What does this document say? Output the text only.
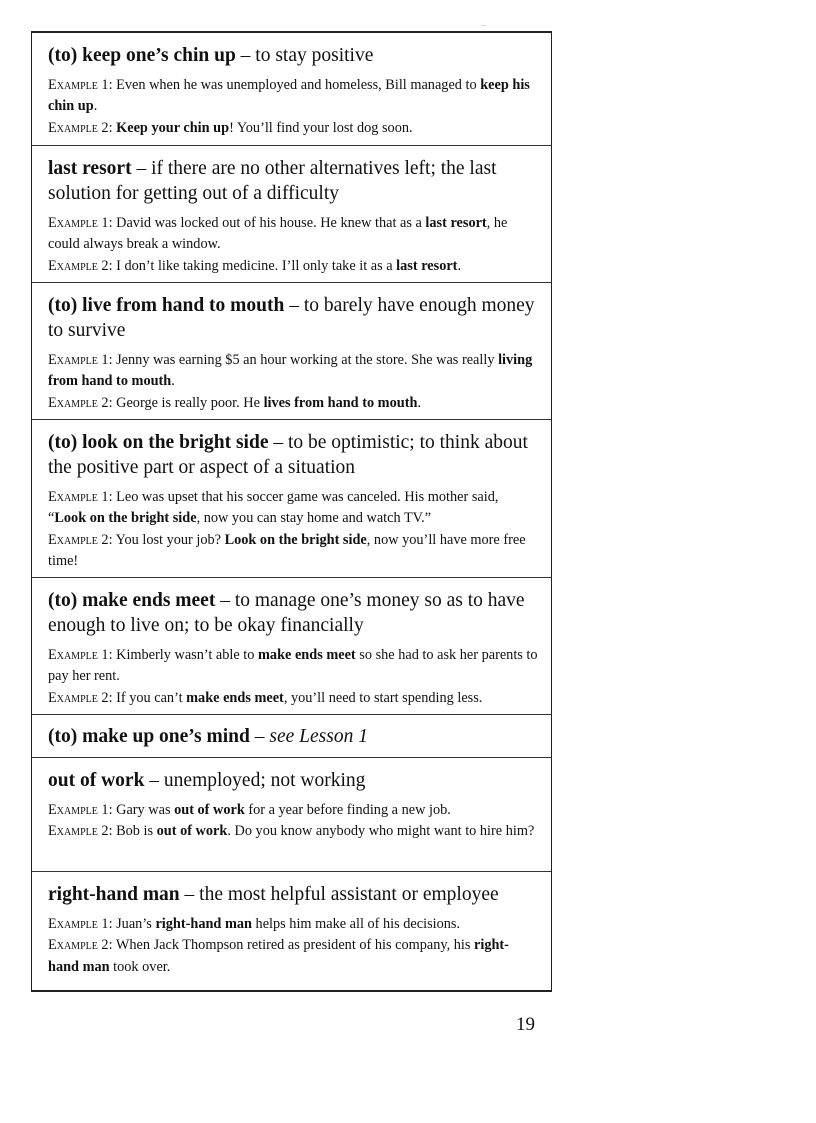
(to) keep one’s chin up – to stay positive

Example 1: Even when he was unemployed and homeless, Bill managed to keep his chin up.

Example 2: Keep your chin up! You’ll find your lost dog soon.

last resort – if there are no other alternatives left; the last solution for getting out of a difficulty

Example 1: David was locked out of his house. He knew that as a last resort, he could always break a window.

Example 2: I don’t like taking medicine. I’ll only take it as a last resort.

(to) live from hand to mouth – to barely have enough money to survive

Example 1: Jenny was earning $5 an hour working at the store. She was really living from hand to mouth.

Example 2: George is really poor. He lives from hand to mouth.

(to) look on the bright side – to be optimistic; to think about the positive part or aspect of a situation

Example 1: Leo was upset that his soccer game was canceled. His mother said, “Look on the bright side, now you can stay home and watch TV.”

Example 2: You lost your job? Look on the bright side, now you’ll have more free time!

(to) make ends meet – to manage one’s money so as to have enough to live on; to be okay financially

Example 1: Kimberly wasn’t able to make ends meet so she had to ask her parents to pay her rent.

Example 2: If you can’t make ends meet, you’ll need to start spending less.

(to) make up one’s mind – see Lesson 1

out of work – unemployed; not working

Example 1: Gary was out of work for a year before finding a new job.

Example 2: Bob is out of work. Do you know anybody who might want to hire him?

right-hand man – the most helpful assistant or employee

Example 1: Juan’s right-hand man helps him make all of his decisions.

Example 2: When Jack Thompson retired as president of his company, his right-hand man took over.

19
